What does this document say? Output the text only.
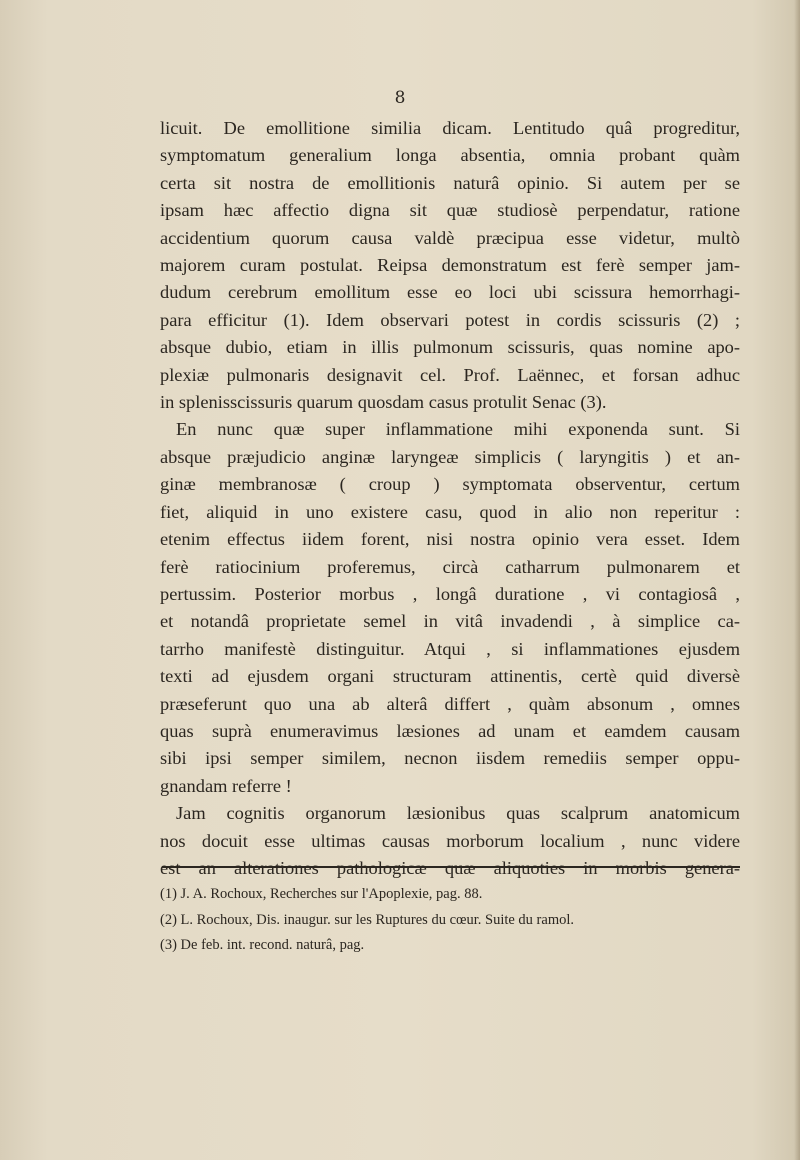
8
licuit. De emollitione similia dicam. Lentitudo quâ progreditur,
symptomatum generalium longa absentia, omnia probant quàm
certa sit nostra de emollitionis naturâ opinio. Si autem per se
ipsam hæc affectio digna sit quæ studiosè perpendatur, ratione
accidentium quorum causa valdè præcipua esse videtur, multò
majorem curam postulat. Reipsa demonstratum est ferè semper jam-
dudum cerebrum emollitum esse eo loci ubi scissura hemorrhagi-
para efficitur (1). Idem observari potest in cordis scissuris (2) ;
absque dubio, etiam in illis pulmonum scissuris, quas nomine apo-
plexiæ pulmonaris designavit cel. Prof. Laënnec, et forsan adhuc
in splenisscissuris quarum quosdam casus protulit Senac (3).
En nunc quæ super inflammatione mihi exponenda sunt. Si
absque præjudicio anginæ laryngeæ simplicis ( laryngitis ) et an-
ginæ membranosæ ( croup ) symptomata observentur, certum
fiet, aliquid in uno existere casu, quod in alio non reperitur :
etenim effectus iidem forent, nisi nostra opinio vera esset. Idem
ferè ratiocinium proferemus, circà catharrum pulmonarem et
pertussim. Posterior morbus , longâ duratione , vi contagiosâ ,
et notandâ proprietate semel in vitâ invadendi , à simplice ca-
tarrho manifestè distinguitur. Atqui , si inflammationes ejusdem
texti ad ejusdem organi structuram attinentis, certè quid diversè
præseferunt quo una ab alterâ differt , quàm absonum , omnes
quas suprà enumeravimus læsiones ad unam et eamdem causam
sibi ipsi semper similem, necnon iisdem remediis semper oppu-
gnandam referre !
Jam cognitis organorum læsionibus quas scalprum anatomicum
nos docuit esse ultimas causas morborum localium , nunc videre
est an alterationes pathologicæ quæ aliquoties in morbis genera-
(1) J. A. Rochoux, Recherches sur l'Apoplexie, pag. 88.
(2) L. Rochoux, Dis. inaugur. sur les Ruptures du cœur. Suite du ramol.
(3) De feb. int. recond. naturâ, pag.
